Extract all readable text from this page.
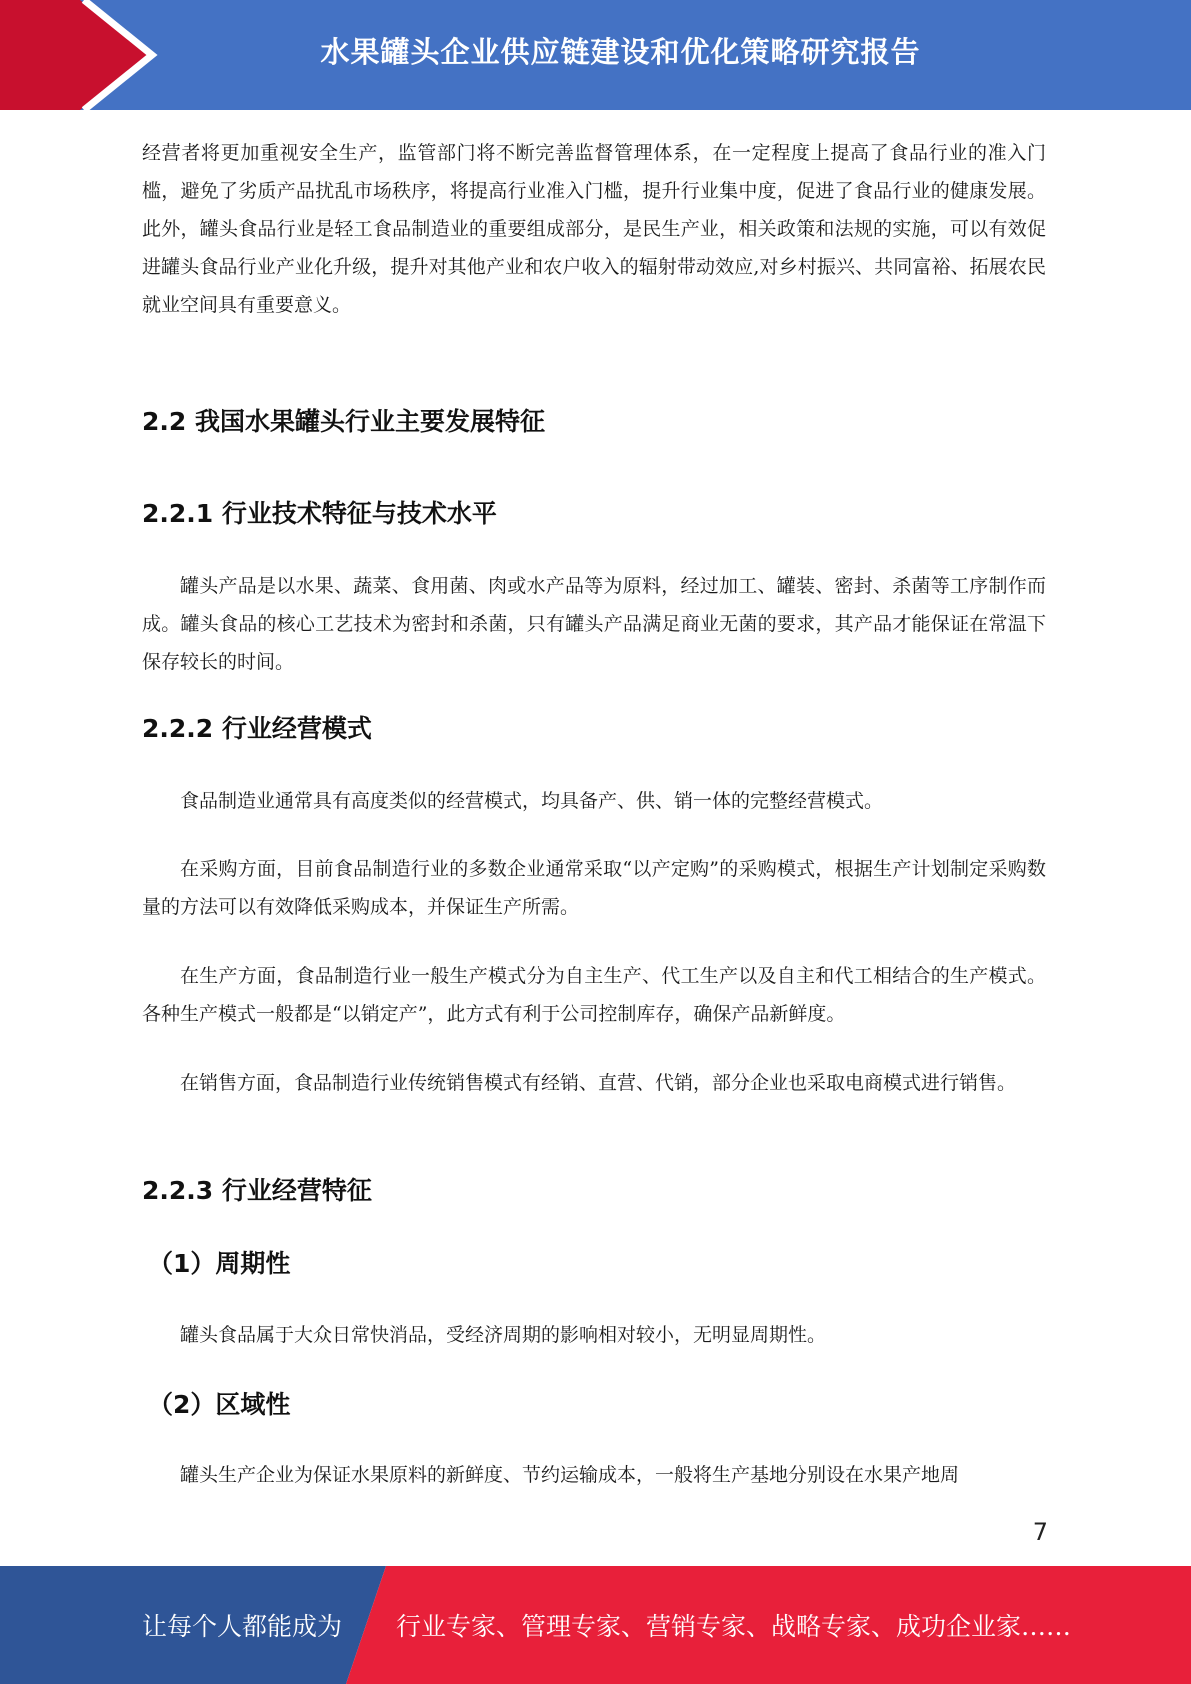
水果罐头企业供应链建设和优化策略研究报告

经营者将更加重视安全生产，监管部门将不断完善监督管理体系，在一定程度上提高了食品行业的准入门槛，避免了劣质产品扰乱市场秩序，将提高行业准入门槛，提升行业集中度，促进了食品行业的健康发展。此外，罐头食品行业是轻工食品制造业的重要组成部分，是民生产业，相关政策和法规的实施，可以有效促进罐头食品行业产业化升级，提升对其他产业和农户收入的辐射带动效应,对乡村振兴、共同富裕、拓展农民就业空间具有重要意义。

2.2 我国水果罐头行业主要发展特征
2.2.1 行业技术特征与技术水平

罐头产品是以水果、蔬菜、食用菌、肉或水产品等为原料，经过加工、罐装、密封、杀菌等工序制作而成。罐头食品的核心工艺技术为密封和杀菌，只有罐头产品满足商业无菌的要求，其产品才能保证在常温下保存较长的时间。

2.2.2 行业经营模式

食品制造业通常具有高度类似的经营模式，均具备产、供、销一体的完整经营模式。

在采购方面，目前食品制造行业的多数企业通常采取“以产定购”的采购模式，根据生产计划制定采购数量的方法可以有效降低采购成本，并保证生产所需。

在生产方面，食品制造行业一般生产模式分为自主生产、代工生产以及自主和代工相结合的生产模式。各种生产模式一般都是“以销定产”，此方式有利于公司控制库存，确保产品新鲜度。

在销售方面，食品制造行业传统销售模式有经销、直营、代销，部分企业也采取电商模式进行销售。

2.2.3 行业经营特征
（1）周期性

罐头食品属于大众日常快消品，受经济周期的影响相对较小，无明显周期性。

（2）区域性

罐头生产企业为保证水果原料的新鲜度、节约运输成本，一般将生产基地分别设在水果产地周

7
让每个人都能成为 行业专家、管理专家、营销专家、战略专家、成功企业家……
